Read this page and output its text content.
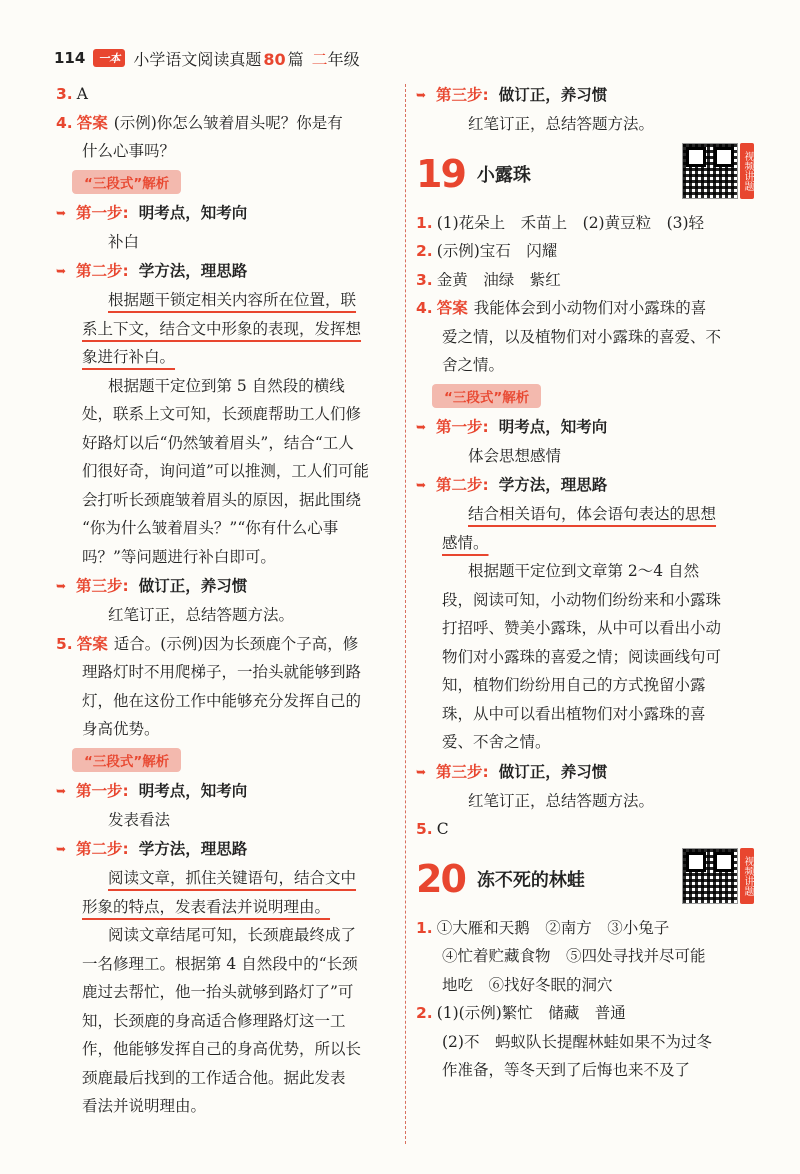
114	一本 小学语文阅读真题 80 篇 二年级
3. A
4. 答案 (示例)你怎么皱着眉头呢？你是有
什么心事吗？
“三段式”解析
➥ 第一步: 明考点，知考向
补白
➥ 第二步: 学方法，理思路
根据题干锁定相关内容所在位置，联
系上下文，结合文中形象的表现，发挥想
象进行补白。
根据题干定位到第 5 自然段的横线
处，联系上文可知，长颈鹿帮助工人们修
好路灯以后“仍然皱着眉头”，结合“工人
们很好奇，询问道”可以推测，工人们可能
会打听长颈鹿皱着眉头的原因，据此围绕
“你为什么皱着眉头？”“你有什么心事
吗？”等问题进行补白即可。
➥ 第三步: 做订正，养习惯
红笔订正，总结答题方法。
5. 答案 适合。(示例)因为长颈鹿个子高，修
理路灯时不用爬梯子，一抬头就能够到路
灯，他在这份工作中能够充分发挥自己的
身高优势。
“三段式”解析
➥ 第一步: 明考点，知考向
发表看法
➥ 第二步: 学方法，理思路
阅读文章，抓住关键语句，结合文中
形象的特点，发表看法并说明理由。
阅读文章结尾可知，长颈鹿最终成了
一名修理工。根据第 4 自然段中的“长颈
鹿过去帮忙，他一抬头就够到路灯了”可
知，长颈鹿的身高适合修理路灯这一工
作，他能够发挥自己的身高优势，所以长
颈鹿最后找到的工作适合他。据此发表
看法并说明理由。
➥ 第三步: 做订正，养习惯
红笔订正，总结答题方法。
19 小露珠	视频讲题
1. (1)花朵上　禾苗上　(2)黄豆粒　(3)轻
2. (示例)宝石　闪耀
3. 金黄　油绿　紫红
4. 答案 我能体会到小动物们对小露珠的喜
爱之情，以及植物们对小露珠的喜爱、不
舍之情。
“三段式”解析
➥ 第一步: 明考点，知考向
体会思想感情
➥ 第二步: 学方法，理思路
结合相关语句，体会语句表达的思想
感情。
根据题干定位到文章第 2～4 自然
段，阅读可知，小动物们纷纷来和小露珠
打招呼、赞美小露珠，从中可以看出小动
物们对小露珠的喜爱之情；阅读画线句可
知，植物们纷纷用自己的方式挽留小露
珠，从中可以看出植物们对小露珠的喜
爱、不舍之情。
➥ 第三步: 做订正，养习惯
红笔订正，总结答题方法。
5. C
20 冻不死的林蛙	视频讲题
1. ①大雁和天鹅　②南方　③小兔子
④忙着贮藏食物　⑤四处寻找并尽可能
地吃　⑥找好冬眠的洞穴
2. (1)(示例)繁忙　储藏　普通
(2)不　蚂蚁队长提醒林蛙如果不为过冬
作准备，等冬天到了后悔也来不及了
